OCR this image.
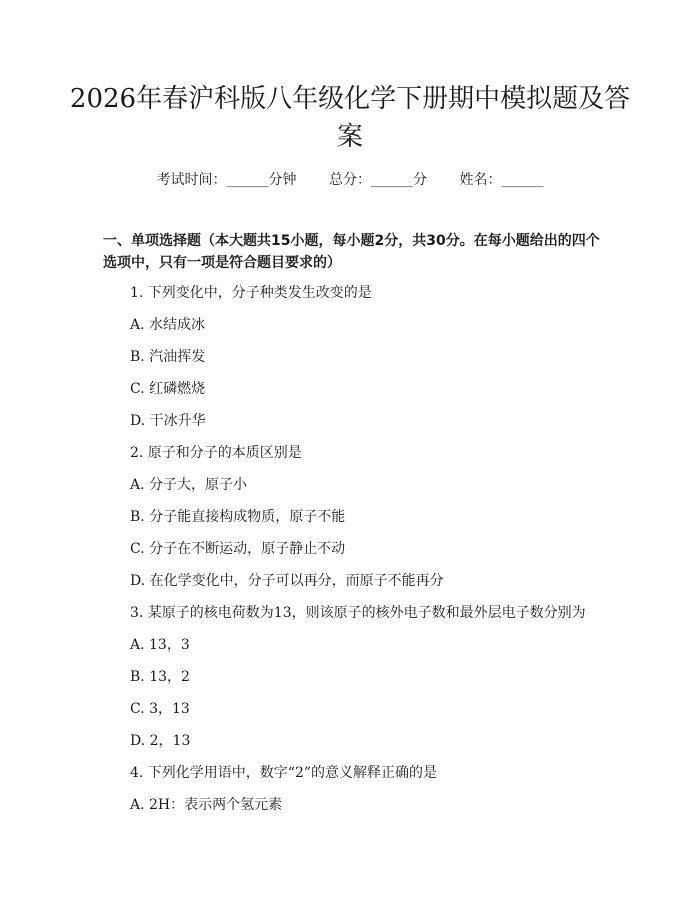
2026年春沪科版八年级化学下册期中模拟题及答案
考试时间：______分钟 总分：______分 姓名：______
一、单项选择题（本大题共15小题，每小题2分，共30分。在每小题给出的四个选项中，只有一项是符合题目要求的）
1. 下列变化中，分子种类发生改变的是
A. 水结成冰
B. 汽油挥发
C. 红磷燃烧
D. 干冰升华
2. 原子和分子的本质区别是
A. 分子大，原子小
B. 分子能直接构成物质，原子不能
C. 分子在不断运动，原子静止不动
D. 在化学变化中，分子可以再分，而原子不能再分
3. 某原子的核电荷数为13，则该原子的核外电子数和最外层电子数分别为
A. 13，3
B. 13，2
C. 3，13
D. 2，13
4. 下列化学用语中，数字“2”的意义解释正确的是
A. 2H：表示两个氢元素
